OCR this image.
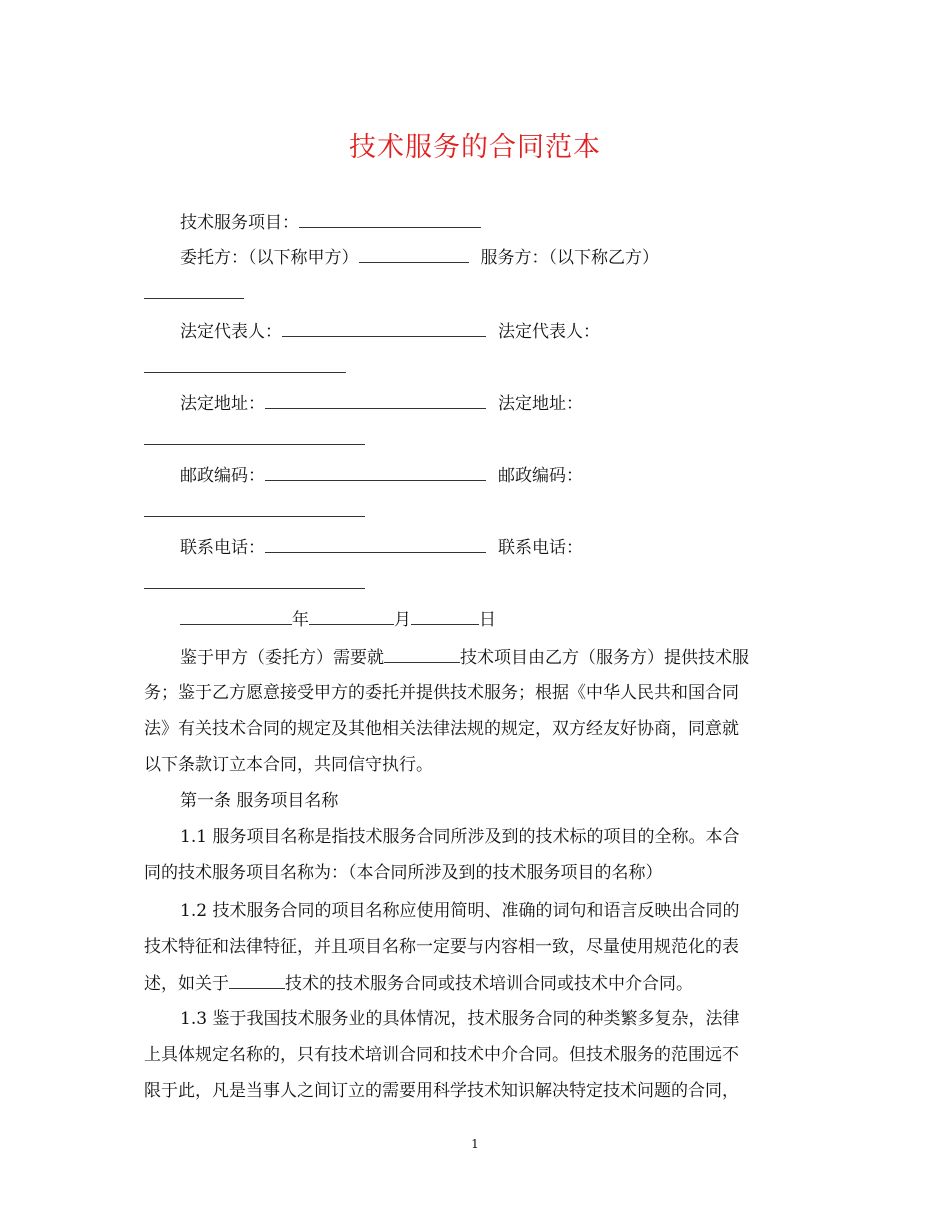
技术服务的合同范本
技术服务项目：
委托方：（以下称甲方）	服务方：（以下称乙方）
法定代表人：	法定代表人：
法定地址：	法定地址：
邮政编码：	邮政编码：
联系电话：	联系电话：
年	月	日
鉴于甲方（委托方）需要就	技术项目由乙方（服务方）提供技术服
务；鉴于乙方愿意接受甲方的委托并提供技术服务；根据《中华人民共和国合同
法》有关技术合同的规定及其他相关法律法规的规定，双方经友好协商，同意就
以下条款订立本合同，共同信守执行。
第一条 服务项目名称
1.1 服务项目名称是指技术服务合同所涉及到的技术标的项目的全称。本合
同的技术服务项目名称为：（本合同所涉及到的技术服务项目的名称）
1.2 技术服务合同的项目名称应使用简明、准确的词句和语言反映出合同的
技术特征和法律特征，并且项目名称一定要与内容相一致，尽量使用规范化的表
述，如关于	技术的技术服务合同或技术培训合同或技术中介合同。
1.3 鉴于我国技术服务业的具体情况，技术服务合同的种类繁多复杂，法律
上具体规定名称的，只有技术培训合同和技术中介合同。但技术服务的范围远不
限于此，凡是当事人之间订立的需要用科学技术知识解决特定技术问题的合同，
1
